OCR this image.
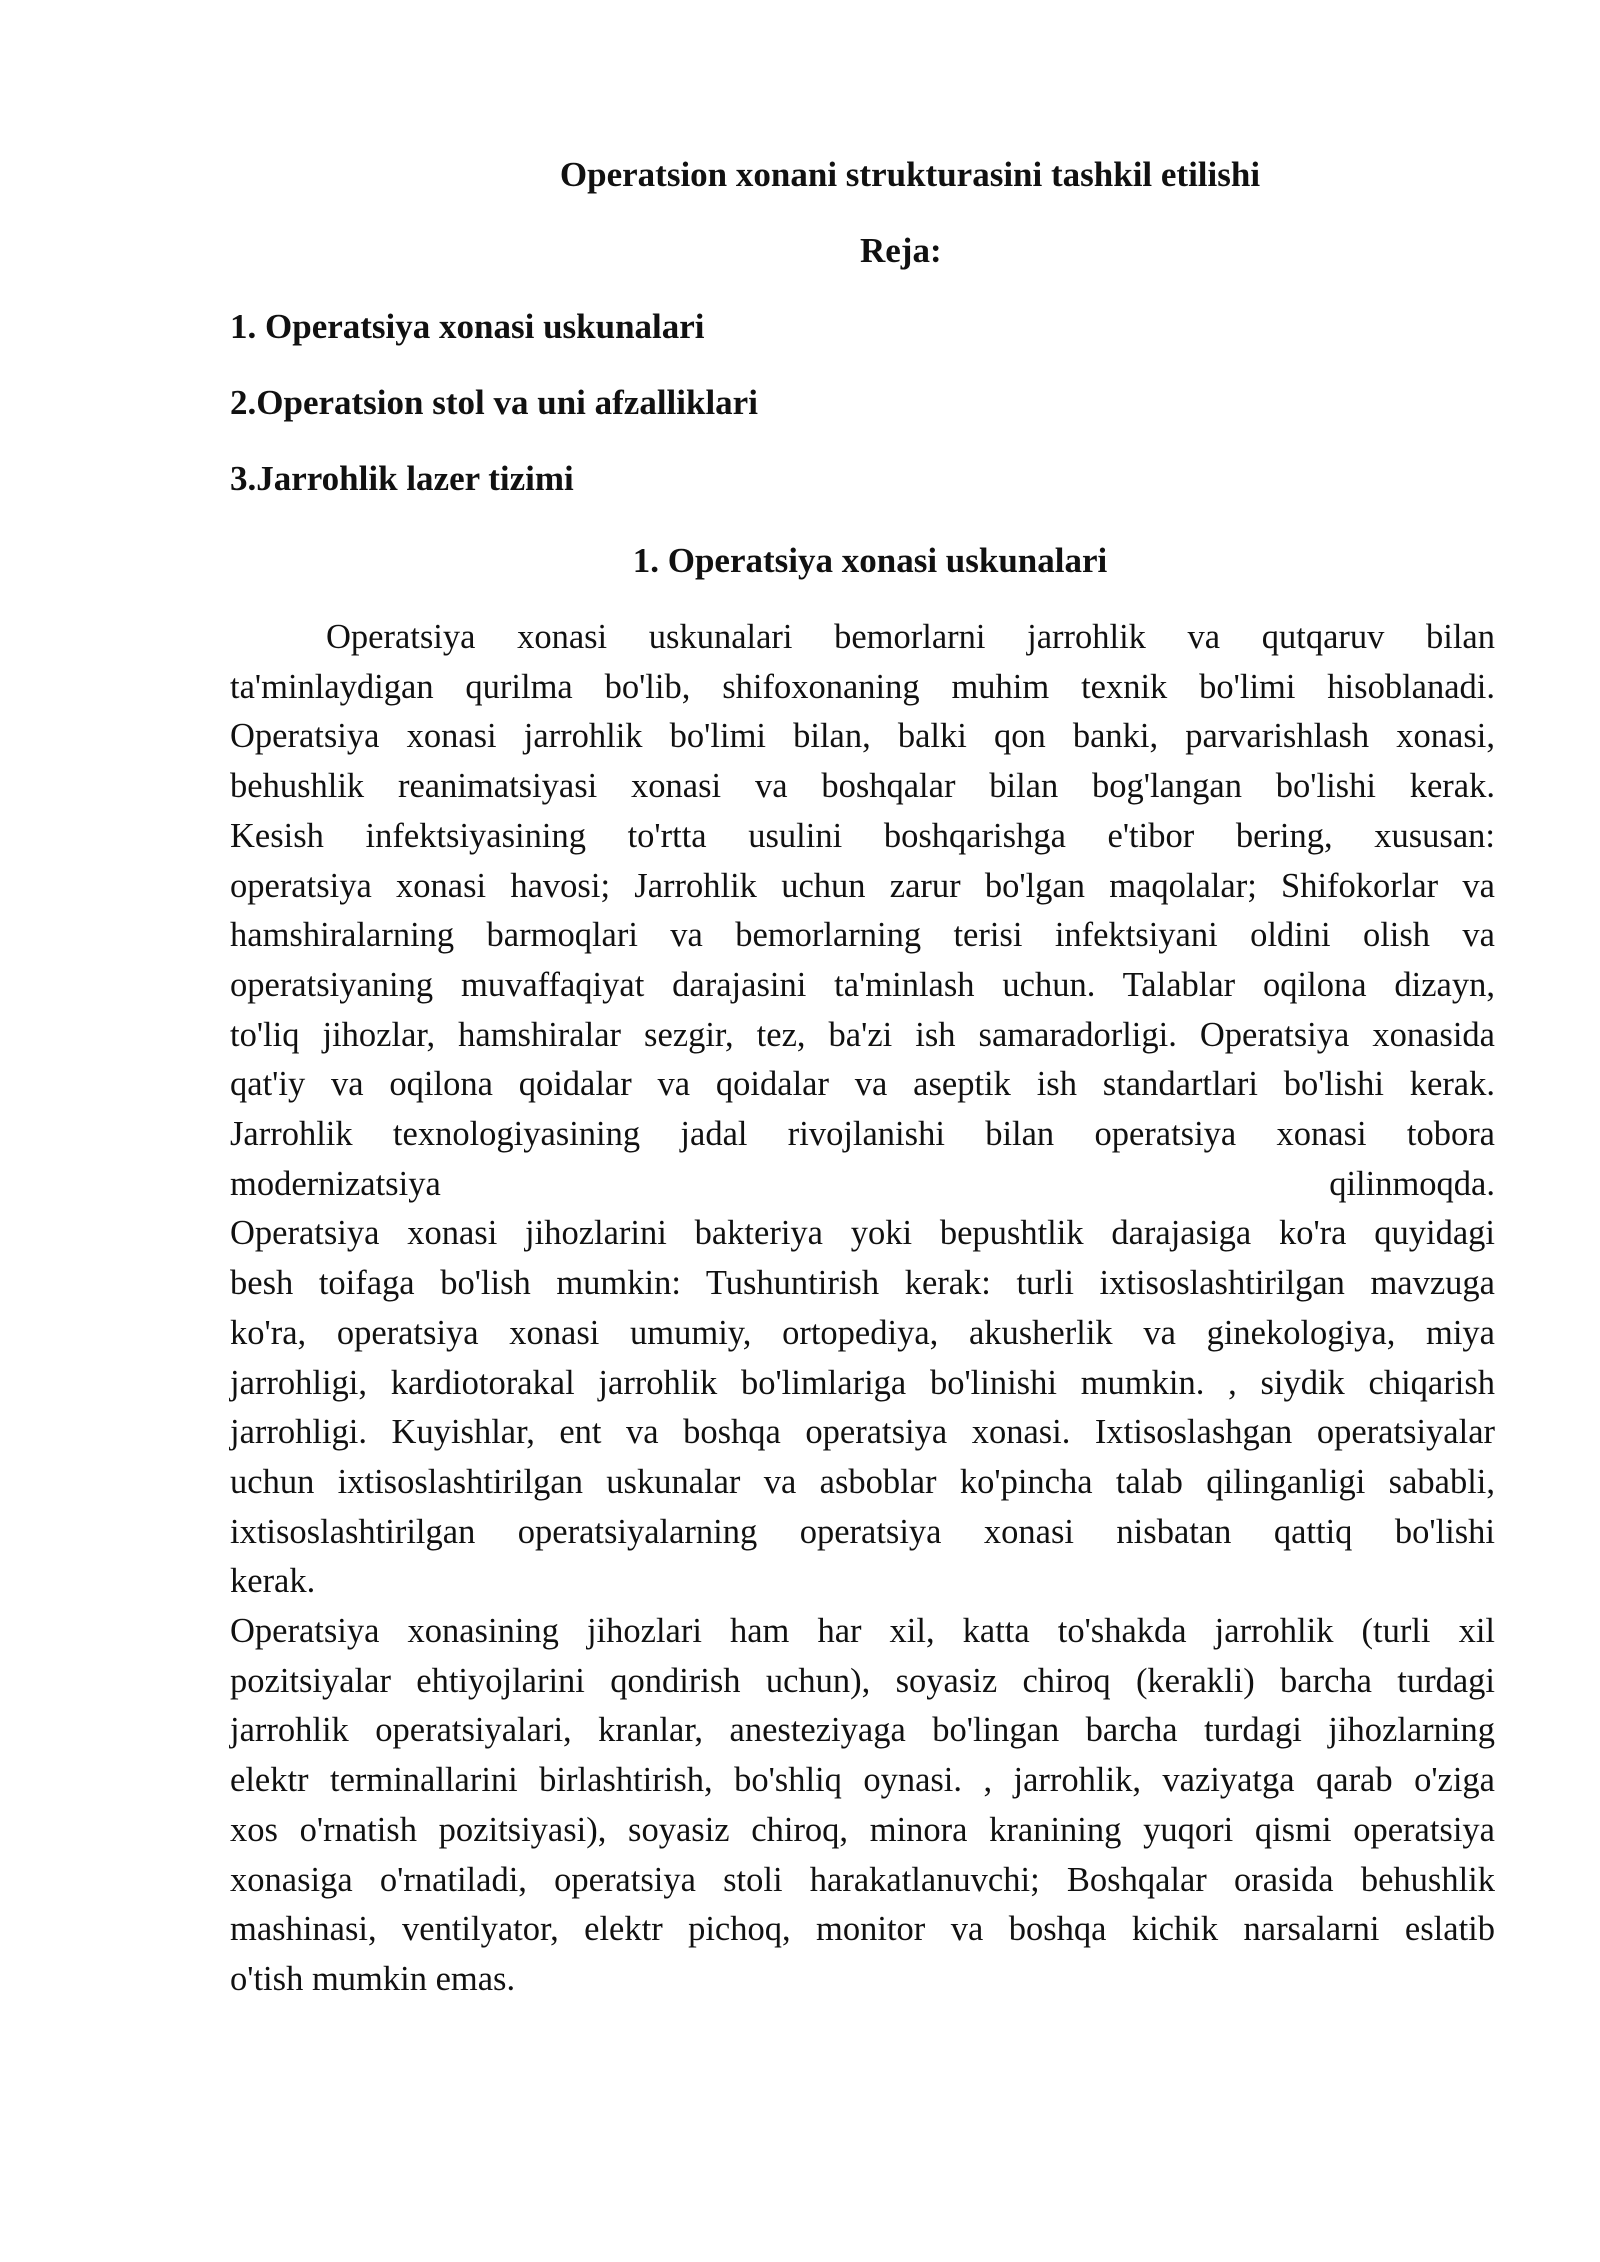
Operatsion xonani strukturasini tashkil etilishi
Reja:
1. Operatsiya xonasi uskunalari
2.Operatsion stol va uni afzalliklari
3.Jarrohlik lazer tizimi
1. Operatsiya xonasi uskunalari
Operatsiya xonasi uskunalari bemorlarni jarrohlik va qutqaruv bilan
ta'minlaydigan qurilma bo'lib, shifoxonaning muhim texnik bo'limi hisoblanadi.
Operatsiya xonasi jarrohlik bo'limi bilan, balki qon banki, parvarishlash xonasi,
behushlik reanimatsiyasi xonasi va boshqalar bilan bog'langan bo'lishi kerak.
Kesish infektsiyasining to'rtta usulini boshqarishga e'tibor bering, xususan:
operatsiya xonasi havosi; Jarrohlik uchun zarur bo'lgan maqolalar; Shifokorlar va
hamshiralarning barmoqlari va bemorlarning terisi infektsiyani oldini olish va
operatsiyaning muvaffaqiyat darajasini ta'minlash uchun. Talablar oqilona dizayn,
to'liq jihozlar, hamshiralar sezgir, tez, ba'zi ish samaradorligi. Operatsiya xonasida
qat'iy va oqilona qoidalar va qoidalar va aseptik ish standartlari bo'lishi kerak.
Jarrohlik texnologiyasining jadal rivojlanishi bilan operatsiya xonasi tobora
modernizatsiya qilinmoqda.
Operatsiya xonasi jihozlarini bakteriya yoki bepushtlik darajasiga ko'ra quyidagi
besh toifaga bo'lish mumkin: Tushuntirish kerak: turli ixtisoslashtirilgan mavzuga
ko'ra, operatsiya xonasi umumiy, ortopediya, akusherlik va ginekologiya, miya
jarrohligi, kardiotorakal jarrohlik bo'limlariga bo'linishi mumkin. , siydik chiqarish
jarrohligi. Kuyishlar, ent va boshqa operatsiya xonasi. Ixtisoslashgan operatsiyalar
uchun ixtisoslashtirilgan uskunalar va asboblar ko'pincha talab qilinganligi sababli,
ixtisoslashtirilgan operatsiyalarning operatsiya xonasi nisbatan qattiq bo'lishi
kerak.
Operatsiya xonasining jihozlari ham har xil, katta to'shakda jarrohlik (turli xil
pozitsiyalar ehtiyojlarini qondirish uchun), soyasiz chiroq (kerakli) barcha turdagi
jarrohlik operatsiyalari, kranlar, anesteziyaga bo'lingan barcha turdagi jihozlarning
elektr terminallarini birlashtirish, bo'shliq oynasi. , jarrohlik, vaziyatga qarab o'ziga
xos o'rnatish pozitsiyasi), soyasiz chiroq, minora kranining yuqori qismi operatsiya
xonasiga o'rnatiladi, operatsiya stoli harakatlanuvchi; Boshqalar orasida behushlik
mashinasi, ventilyator, elektr pichoq, monitor va boshqa kichik narsalarni eslatib
o'tish mumkin emas.
